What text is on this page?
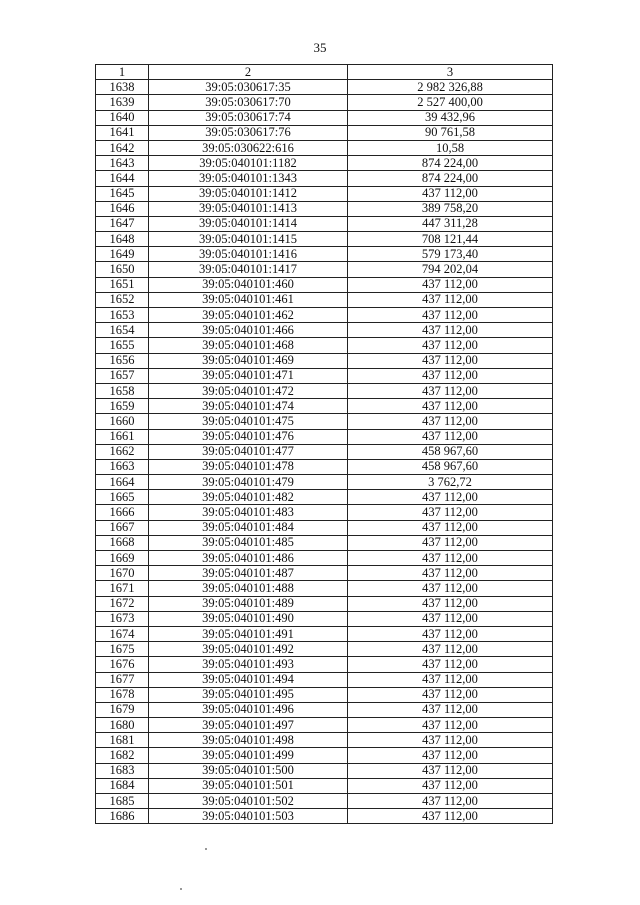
35
1	2	3
1638	39:05:030617:35	2 982 326,88
1639	39:05:030617:70	2 527 400,00
1640	39:05:030617:74	39 432,96
1641	39:05:030617:76	90 761,58
1642	39:05:030622:616	10,58
1643	39:05:040101:1182	874 224,00
1644	39:05:040101:1343	874 224,00
1645	39:05:040101:1412	437 112,00
1646	39:05:040101:1413	389 758,20
1647	39:05:040101:1414	447 311,28
1648	39:05:040101:1415	708 121,44
1649	39:05:040101:1416	579 173,40
1650	39:05:040101:1417	794 202,04
1651	39:05:040101:460	437 112,00
1652	39:05:040101:461	437 112,00
1653	39:05:040101:462	437 112,00
1654	39:05:040101:466	437 112,00
1655	39:05:040101:468	437 112,00
1656	39:05:040101:469	437 112,00
1657	39:05:040101:471	437 112,00
1658	39:05:040101:472	437 112,00
1659	39:05:040101:474	437 112,00
1660	39:05:040101:475	437 112,00
1661	39:05:040101:476	437 112,00
1662	39:05:040101:477	458 967,60
1663	39:05:040101:478	458 967,60
1664	39:05:040101:479	3 762,72
1665	39:05:040101:482	437 112,00
1666	39:05:040101:483	437 112,00
1667	39:05:040101:484	437 112,00
1668	39:05:040101:485	437 112,00
1669	39:05:040101:486	437 112,00
1670	39:05:040101:487	437 112,00
1671	39:05:040101:488	437 112,00
1672	39:05:040101:489	437 112,00
1673	39:05:040101:490	437 112,00
1674	39:05:040101:491	437 112,00
1675	39:05:040101:492	437 112,00
1676	39:05:040101:493	437 112,00
1677	39:05:040101:494	437 112,00
1678	39:05:040101:495	437 112,00
1679	39:05:040101:496	437 112,00
1680	39:05:040101:497	437 112,00
1681	39:05:040101:498	437 112,00
1682	39:05:040101:499	437 112,00
1683	39:05:040101:500	437 112,00
1684	39:05:040101:501	437 112,00
1685	39:05:040101:502	437 112,00
1686	39:05:040101:503	437 112,00
